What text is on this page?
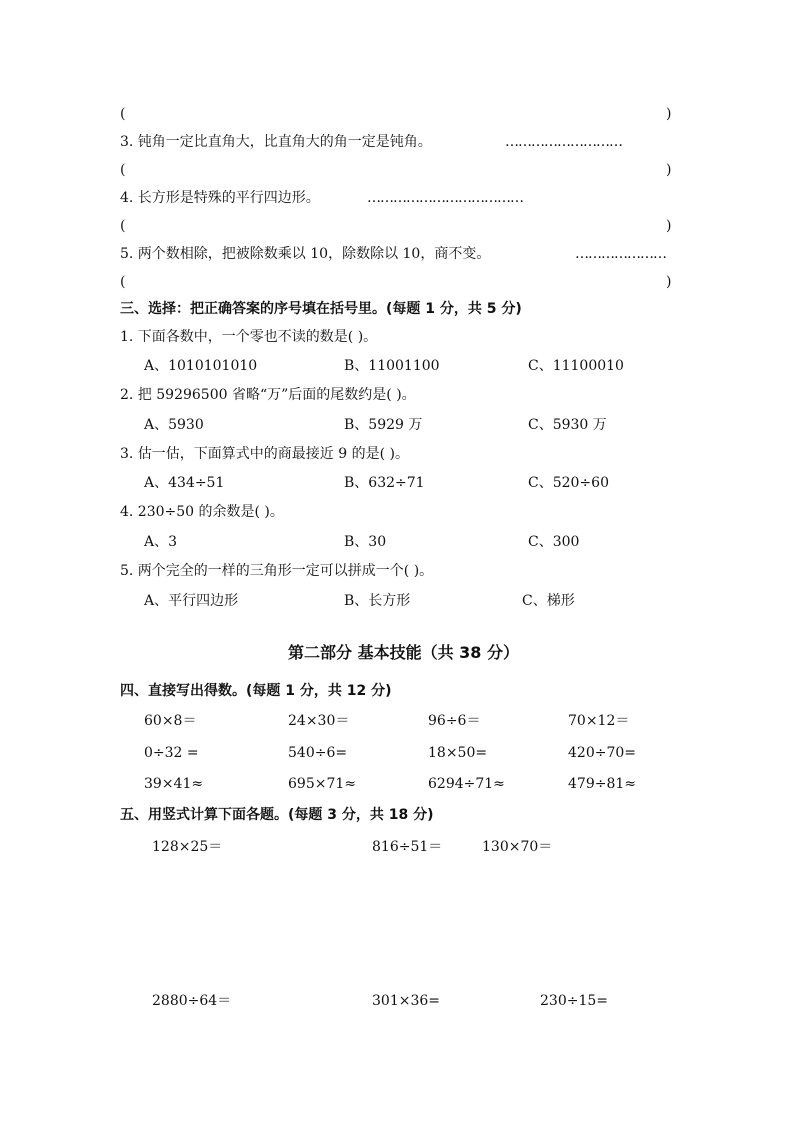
(	)
3. 钝角一定比直角大，比直角大的角一定是钝角。	………………………
(	)
4. 长方形是特殊的平行四边形。	………………………………
(	)
5. 两个数相除，把被除数乘以 10，除数除以 10，商不变。	…………………
(	)
三、选择：把正确答案的序号填在括号里。(每题 1 分，共 5 分)
1. 下面各数中，一个零也不读的数是( )。
A、1010101010	B、11001100	C、11100010
2. 把 59296500 省略“万”后面的尾数约是( )。
A、5930	B、5929 万	C、5930 万
3. 估一估，下面算式中的商最接近 9 的是( )。
A、434÷51	B、632÷71	C、520÷60
4. 230÷50 的余数是( )。
A、3	B、30	C、300
5. 两个完全的一样的三角形一定可以拼成一个( )。
A、平行四边形	B、长方形	C、梯形
第二部分 基本技能（共 38 分）
四、直接写出得数。(每题 1 分，共 12 分)
60×8＝	24×30＝	96÷6＝	70×12＝
0÷32 =	540÷6=	18×50=	420÷70=
39×41≈	695×71≈	6294÷71≈	479÷81≈
五、用竖式计算下面各题。(每题 3 分，共 18 分)
128×25＝	816÷51＝	130×70＝
2880÷64＝	301×36=	230÷15=
